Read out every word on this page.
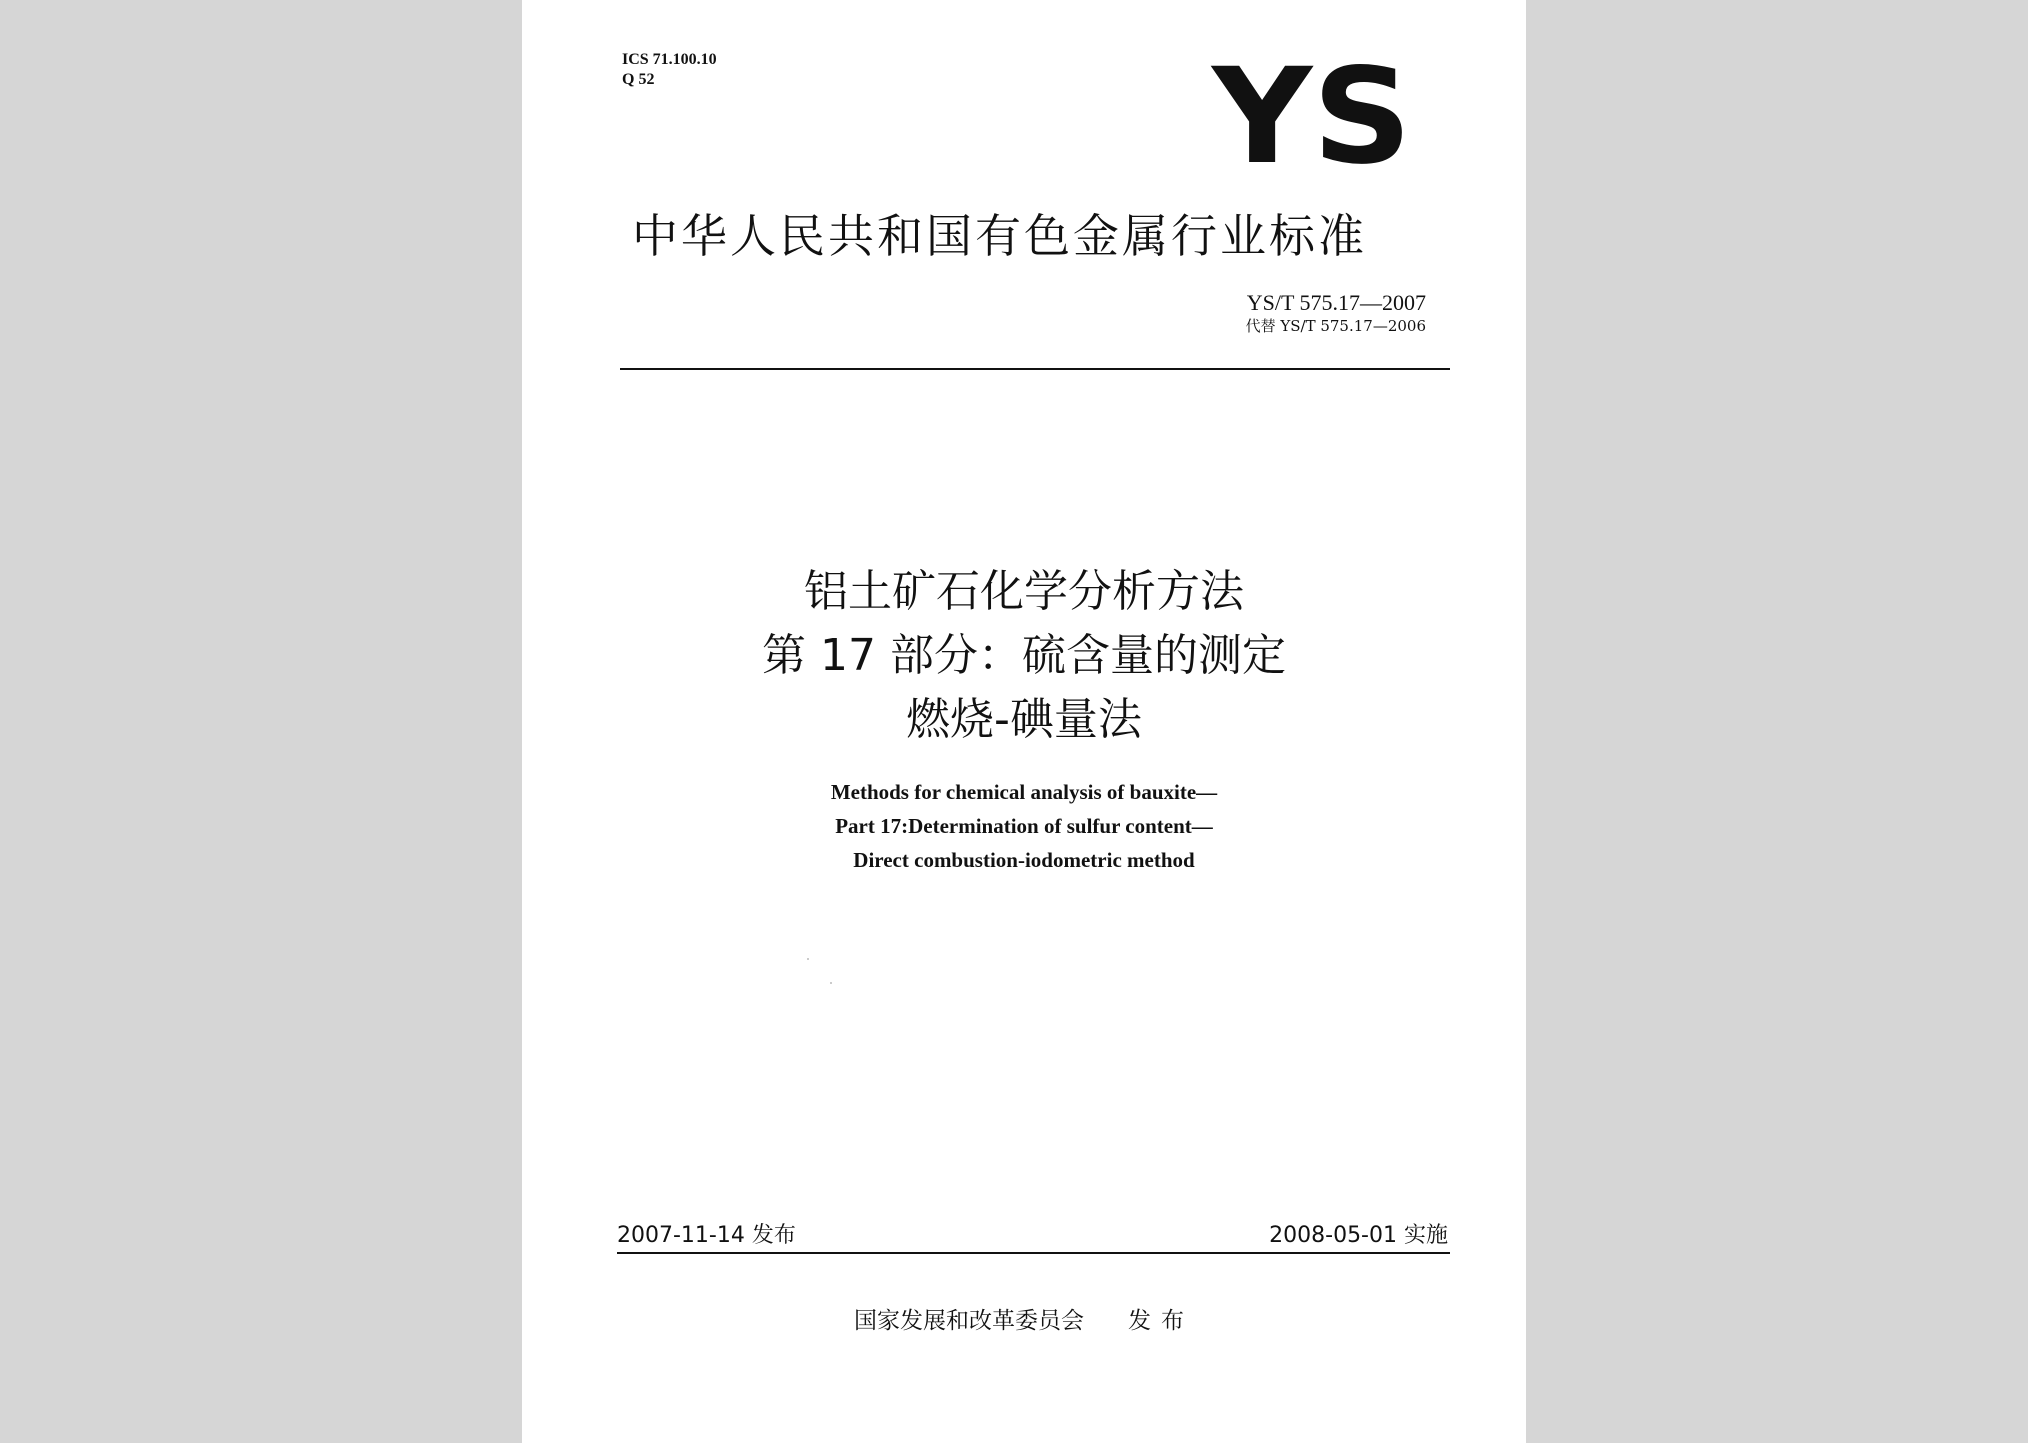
ICS 71.100.10
Q 52	YS
中华人民共和国有色金属行业标准
YS/T 575.17—2007
代替 YS/T 575.17—2006
铝土矿石化学分析方法
第 17 部分：硫含量的测定
燃烧-碘量法
Methods for chemical analysis of bauxite—
Part 17:Determination of sulfur content—
Direct combustion-iodometric method
2007-11-14 发布	2008-05-01 实施
国家发展和改革委员会 发布
